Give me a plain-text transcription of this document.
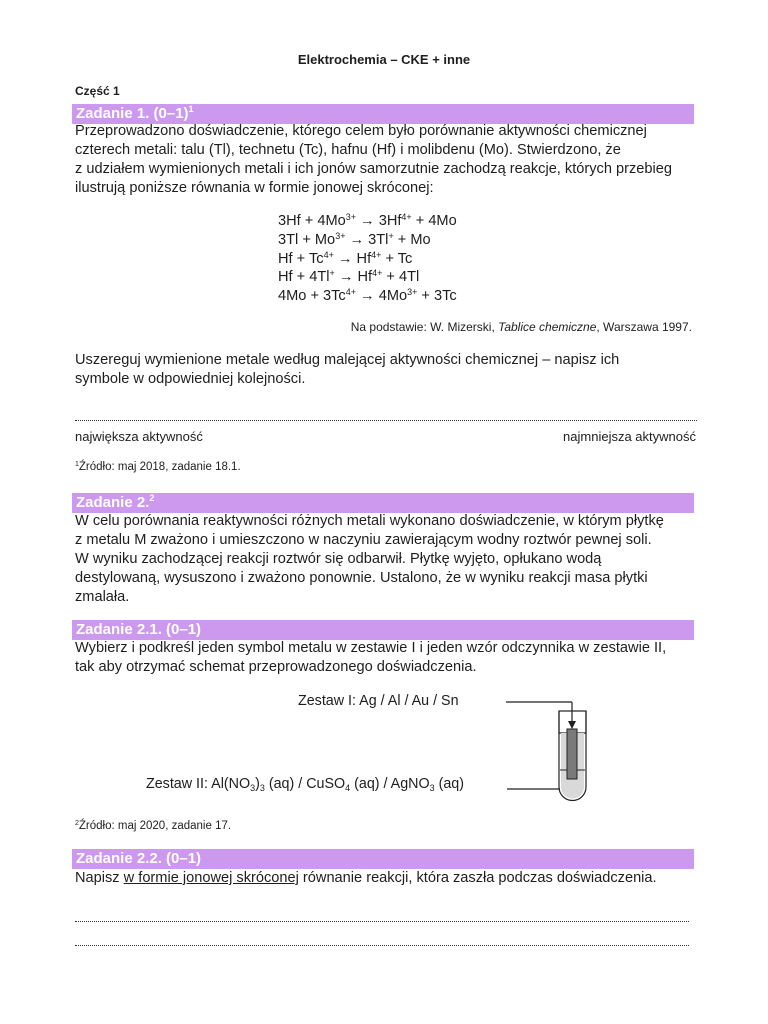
Elektrochemia – CKE + inne
Część 1
Zadanie 1. $(0-1)^1$
Przeprowadzono doświadczenie, którego celem było porównanie aktywności chemicznej
czterech metali: talu (Tl), technetu (Tc), hafnu (Hf) i molibdenu (Mo). Stwierdzono, że
z udziałem wymienionych metali i ich jonów samorzutnie zachodzą reakcje, których przebieg
ilustrują poniższe równania w formie jonowej skróconej:
$3Hf + 4Mo^{3+} \to 3Hf^{4+} + 4Mo$
$3Tl + Mo^{3+} \to 3Tl^+ + Mo$
$Hf + Tc^{4+} \to Hf^{4+} + Tc$
$Hf + 4Tl^+ \to Hf^{4+} + 4Tl$
$4Mo + 3Tc^{4+} \to 4Mo^{3+} + 3Tc$
Na podstawie: W. Mizerski, Tablice chemiczne, Warszawa 1997.
Uszereguj wymienione metale według malejącej aktywności chemicznej – napisz ich
symbole w odpowiedniej kolejności.
największa aktywność	najmniejsza aktywność
$^1$Źródło: maj 2018, zadanie 18.1.
Zadanie 2.$^2$
W celu porównania reaktywności różnych metali wykonano doświadczenie, w którym płytkę
z metalu M zważono i umieszczono w naczyniu zawierającym wodny roztwór pewnej soli.
W wyniku zachodzącej reakcji roztwór się odbarwił. Płytkę wyjęto, opłukano wodą
destylowaną, wysuszono i zważono ponownie. Ustalono, że w wyniku reakcji masa płytki
zmalała.
Zadanie 2.1. (0–1)
Wybierz i podkreśl jeden symbol metalu w zestawie I i jeden wzór odczynnika w zestawie II,
tak aby otrzymać schemat przeprowadzonego doświadczenia.
Zestaw I: Ag / Al / Au / Sn
Zestaw II: $Al(NO_3)_3$ (aq) / CuSO$_4$ (aq) / AgNO$_3$ (aq)
$^2$Źródło: maj 2020, zadanie 17.
Zadanie 2.2. (0–1)
Napisz w formie jonowej skróconej równanie reakcji, która zaszła podczas doświadczenia.
